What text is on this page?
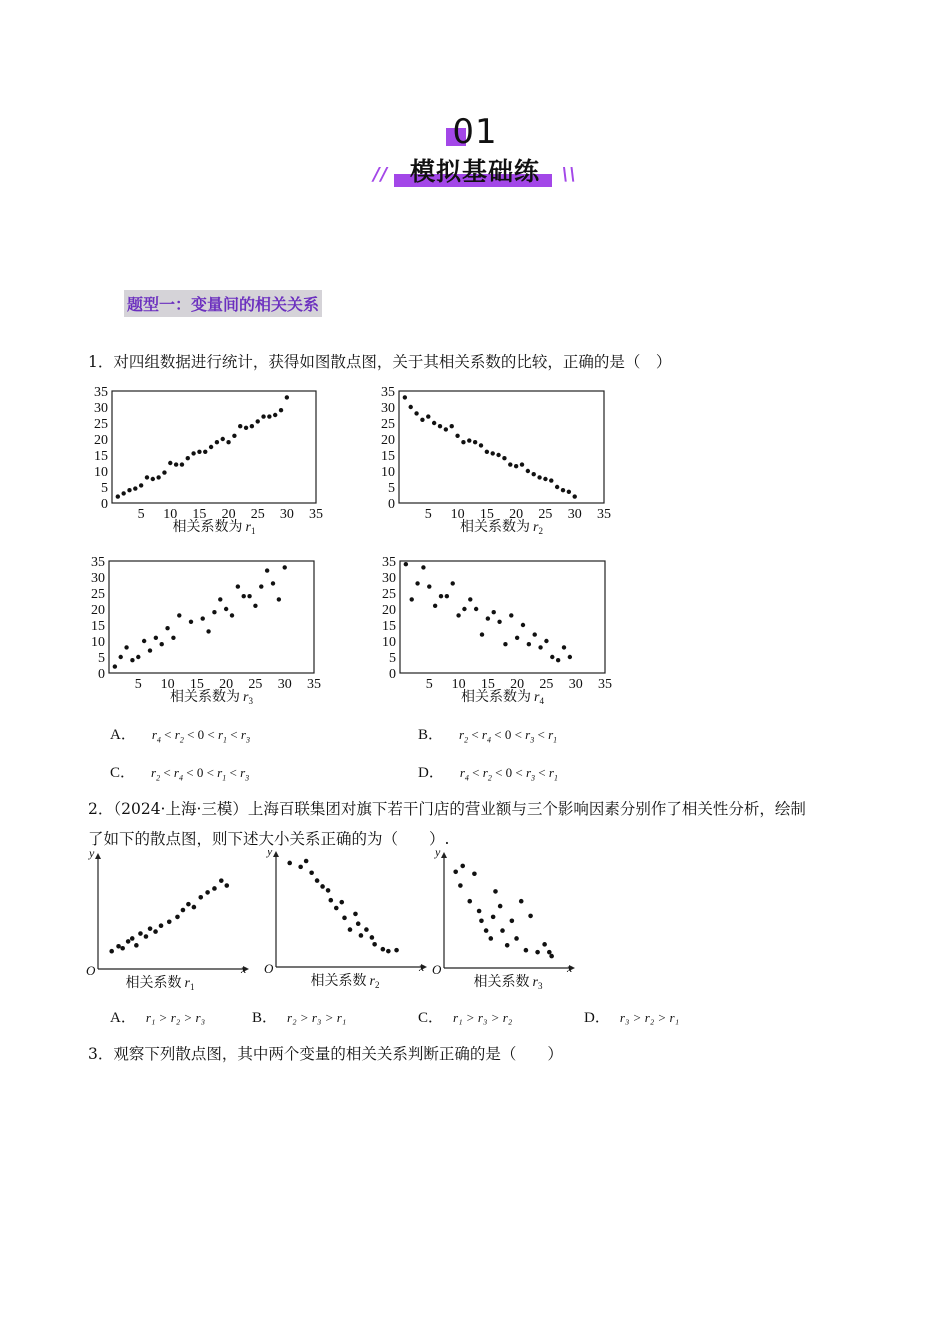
01
// 模拟基础练 \\
题型一：变量间的相关关系
1．对四组数据进行统计，获得如图散点图，关于其相关系数的比较，正确的是（　）
0
5
10
15
20
25
30
35
5 10 15 20 25 30 35
相关系数为 $r_1$
0
5
10
15
20
25
30
35
5 10 15 20 25 30 35
相关系数为 $r_2$
0
5
10
15
20
25
30
35
5 10 15 20 25 30 35
相关系数为 $r_3$
0
5
10
15
20
25
30
35
5 10 15 20 25 30 35
相关系数为 $r_4$
A． $r_4 < r_2 < 0 < r_1 < r_3$	B． $r_2 < r_4 < 0 < r_3 < r_1$
C． $r_2 < r_4 < 0 < r_1 < r_3$	D． $r_4 < r_2 < 0 < r_3 < r_1$
2．（2024·上海·三模）上海百联集团对旗下若干门店的营业额与三个影响因素分别作了相关性分析，绘制
了如下的散点图，则下述大小关系正确的为（　　）.
x
y
O
相关系数 $r_1$
x
y
O
相关系数 $r_2$
x
y
O
相关系数 $r_3$
A． r₁ > r₂ > r₃	B． r₂ > r₃ > r₁	C． r₁ > r₃ > r₂	D． r₃ > r₂ > r₁
3．观察下列散点图，其中两个变量的相关关系判断正确的是（　　）
